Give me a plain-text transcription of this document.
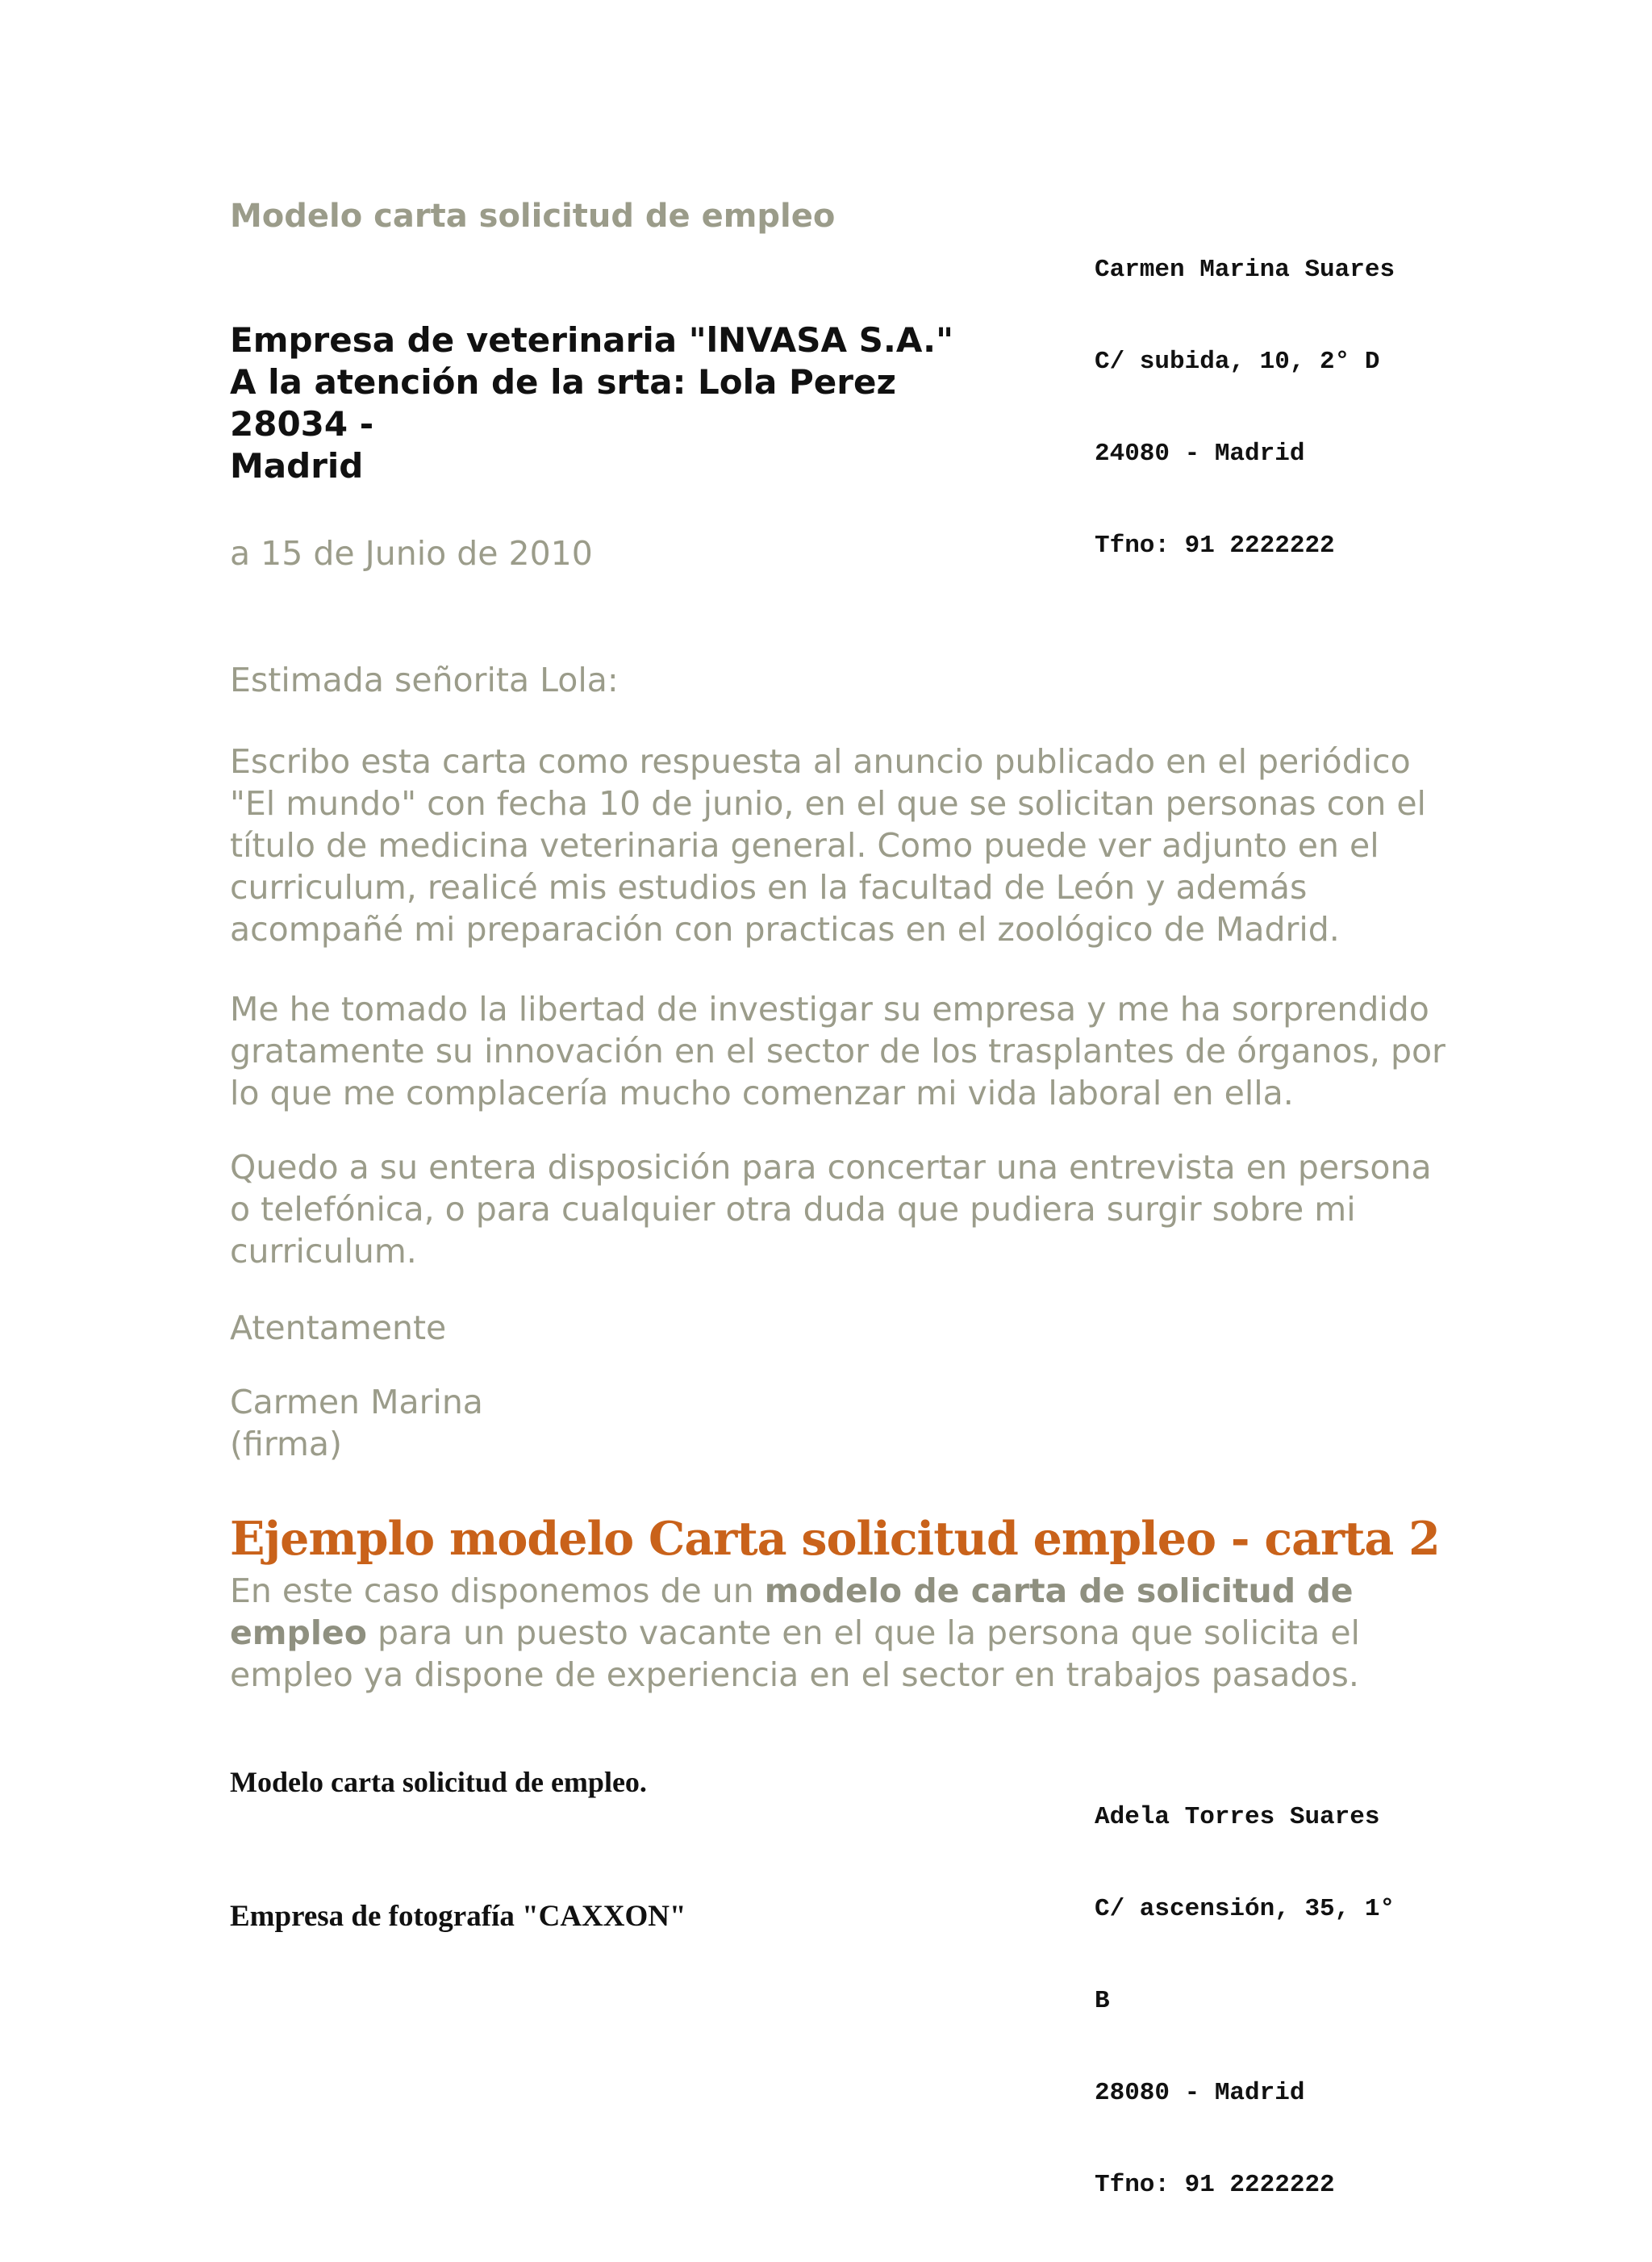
Modelo carta solicitud de empleo

Carmen Marina Suares

C/ subida, 10, 2° D

24080 - Madrid

Tfno: 91 2222222

Empresa de veterinaria "lNVASA S.A."
A la atención de la srta: Lola Perez
28034 -
Madrid
a 15 de Junio de 2010
Estimada señorita Lola:

Escribo esta carta como respuesta al anuncio publicado en el periódico "El mundo" con fecha 10 de junio, en el que se solicitan personas con el título de medicina veterinaria general. Como puede ver adjunto en el curriculum, realicé mis estudios en la facultad de León y además acompañé mi preparación con practicas en el zoológico de Madrid.

Me he tomado la libertad de investigar su empresa y me ha sorprendido gratamente su innovación en el sector de los trasplantes de órganos, por lo que me complacería mucho comenzar mi vida laboral en ella.

Quedo a su entera disposición para concertar una entrevista en persona o telefónica, o para cualquier otra duda que pudiera surgir sobre mi curriculum.

Atentamente
Carmen Marina
(firma)
Ejemplo modelo Carta solicitud empleo - carta 2

En este caso disponemos de un modelo de carta de solicitud de empleo para un puesto vacante en el que la persona que solicita el empleo ya dispone de experiencia en el sector en trabajos pasados.

Modelo carta solicitud de empleo.

Adela Torres Suares

C/ ascensión, 35, 1°

B

28080 - Madrid

Tfno: 91 2222222

Empresa de fotografía "CAXXON"
